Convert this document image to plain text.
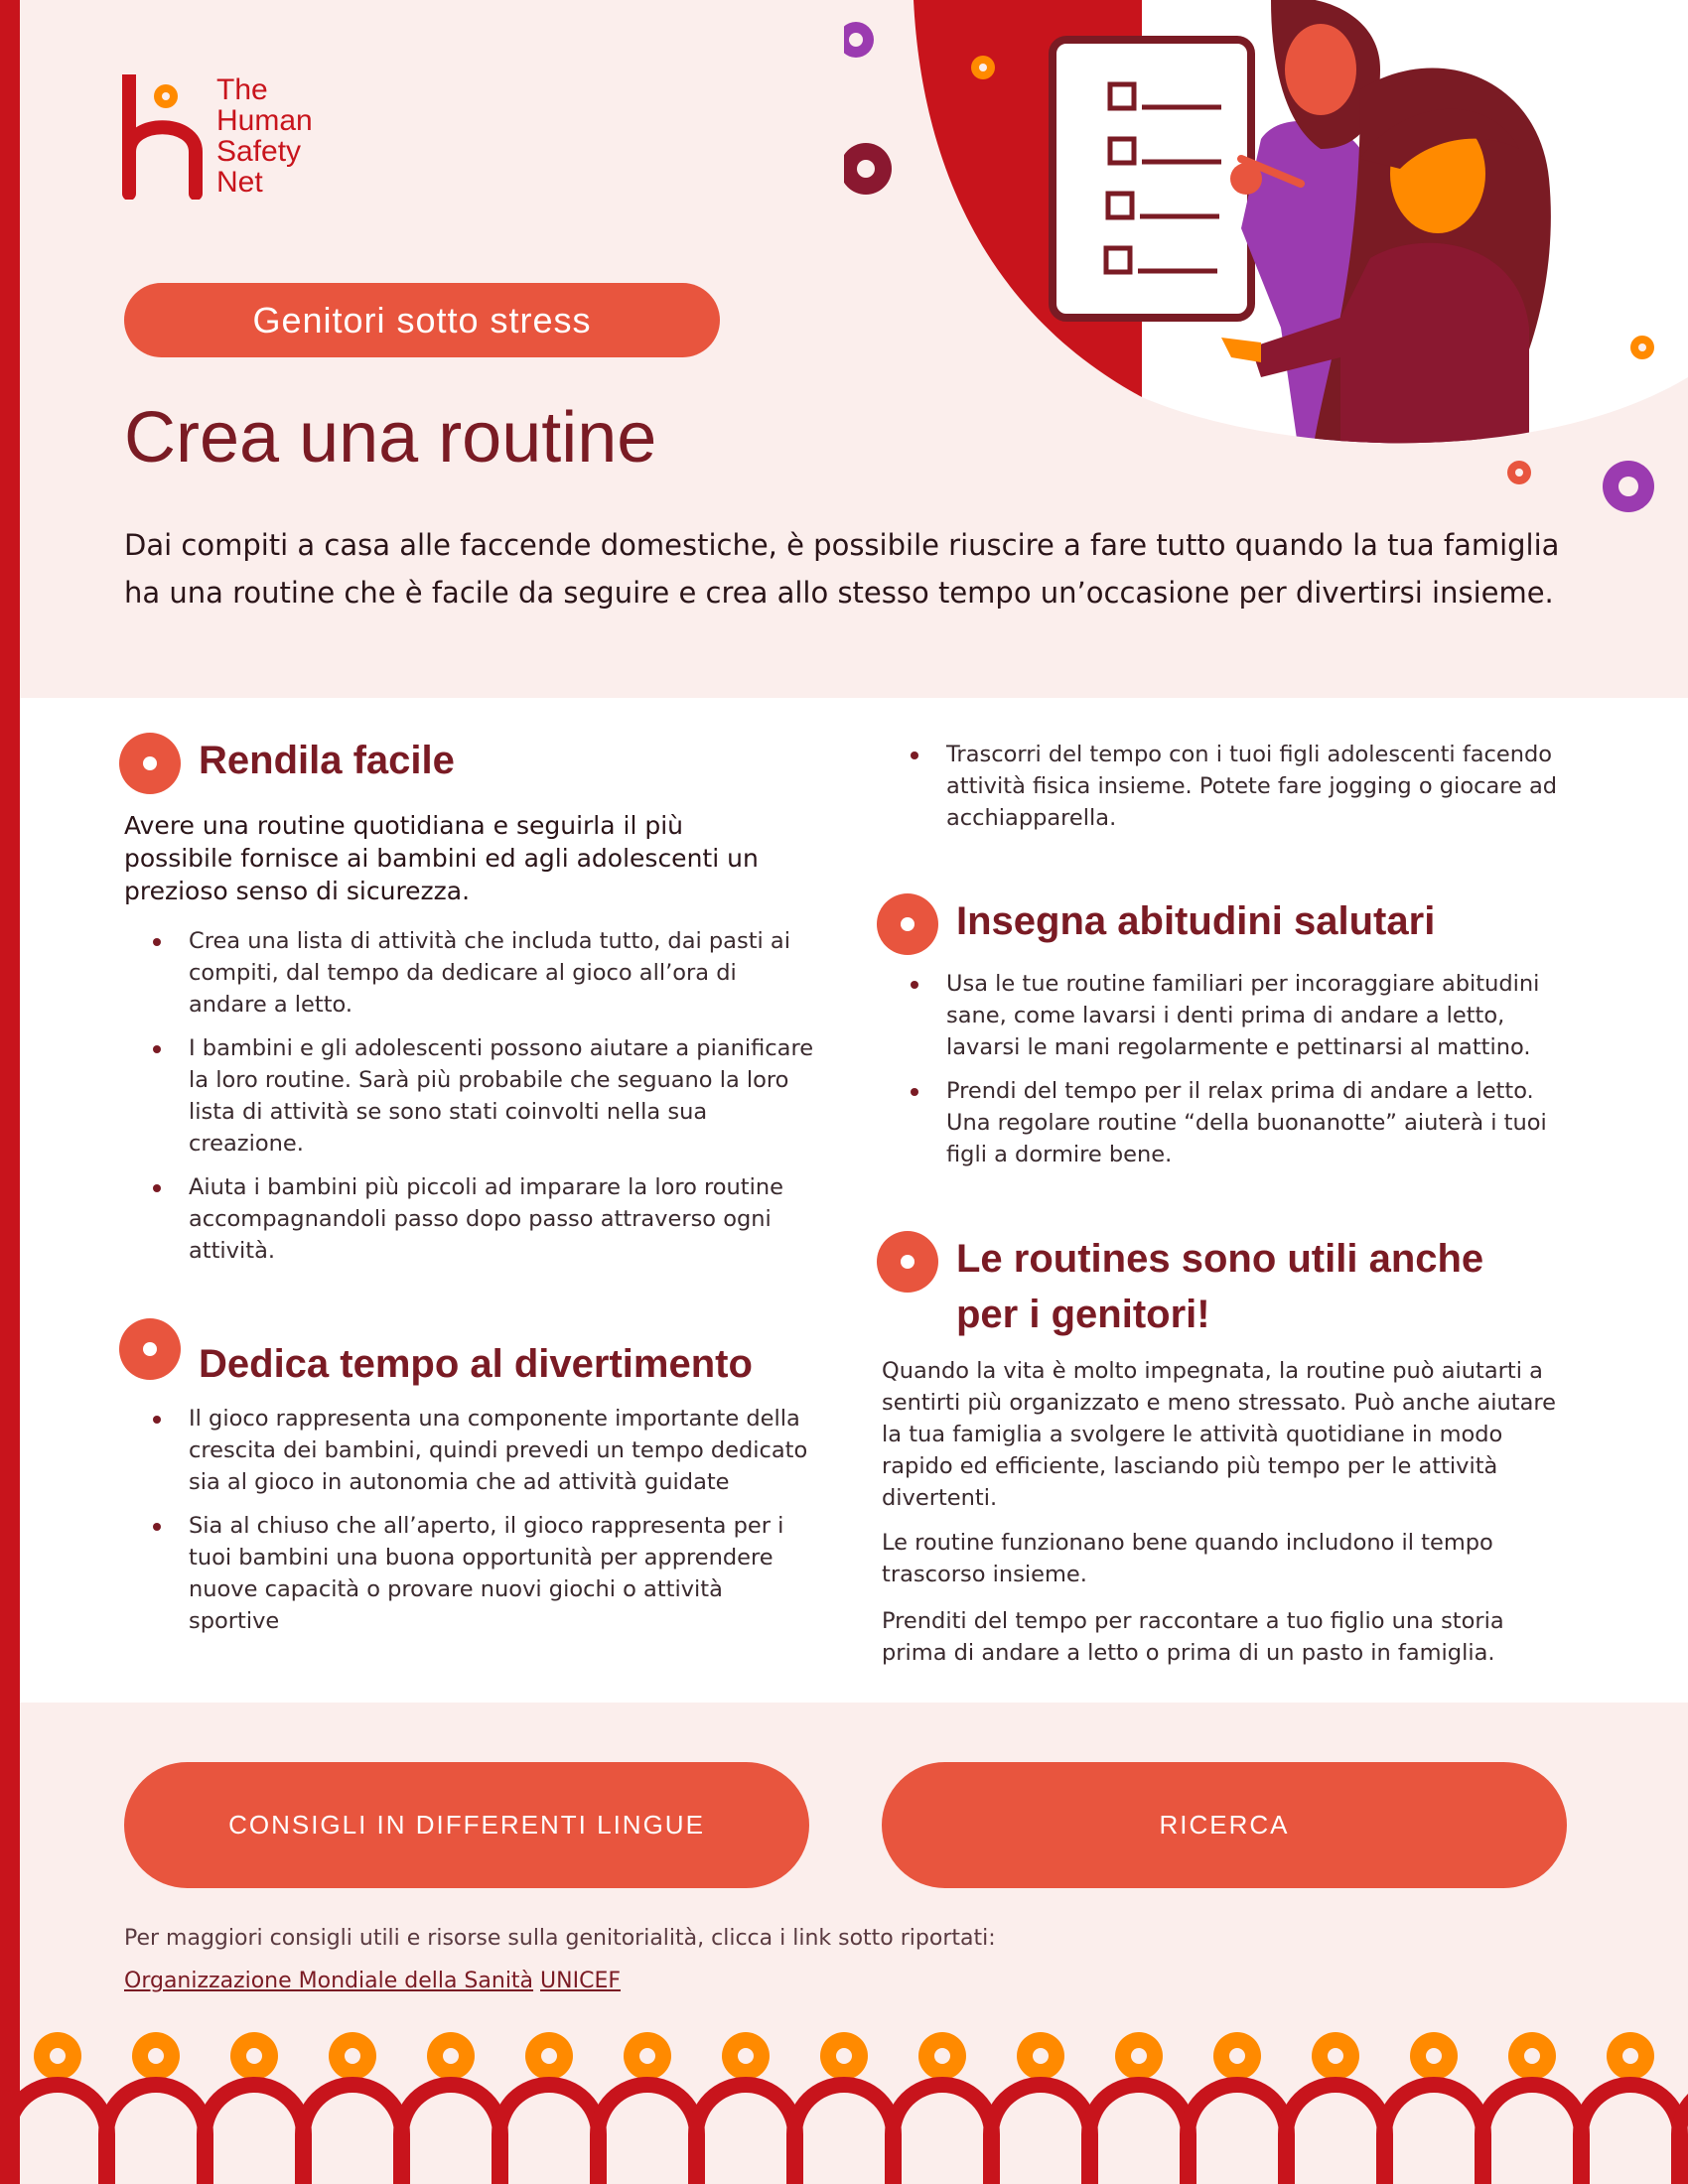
The
Human
Safety
Net
Genitori sotto stress
Crea una routine

Dai compiti a casa alle faccende domestiche, è possibile riuscire a fare tutto quando la tua famiglia ha una routine che è facile da seguire e crea allo stesso tempo un’occasione per divertirsi insieme.

Rendila facile

Avere una routine quotidiana e seguirla il più possibile fornisce ai bambini ed agli adolescenti un prezioso senso di sicurezza.

Crea una lista di attività che includa tutto, dai pasti ai compiti, dal tempo da dedicare al gioco all’ora di andare a letto.
I bambini e gli adolescenti possono aiutare a pianificare la loro routine. Sarà più probabile che seguano la loro lista di attività se sono stati coinvolti nella sua creazione.
Aiuta i bambini più piccoli ad imparare la loro routine accompagnandoli passo dopo passo attraverso ogni attività.
Dedica tempo al divertimento
Il gioco rappresenta una componente importante della crescita dei bambini, quindi prevedi un tempo dedicato sia al gioco in autonomia che ad attività guidate
Sia al chiuso che all’aperto, il gioco rappresenta per i tuoi bambini una buona opportunità per apprendere nuove capacità o provare nuovi giochi o attività sportive
Trascorri del tempo con i tuoi figli adolescenti facendo attività fisica insieme. Potete fare jogging o giocare ad acchiapparella.
Insegna abitudini salutari
Usa le tue routine familiari per incoraggiare abitudini sane, come lavarsi i denti prima di andare a letto, lavarsi le mani regolarmente e pettinarsi al mattino.
Prendi del tempo per il relax prima di andare a letto. Una regolare routine “della buonanotte” aiuterà i tuoi figli a dormire bene.
Le routines sono utili anche
per i genitori!

Quando la vita è molto impegnata, la routine può aiutarti a sentirti più organizzato e meno stressato. Può anche aiutare la tua famiglia a svolgere le attività quotidiane in modo rapido ed efficiente, lasciando più tempo per le attività divertenti.

Le routine funzionano bene quando includono il tempo trascorso insieme.

Prenditi del tempo per raccontare a tuo figlio una storia prima di andare a letto o prima di un pasto in famiglia.

CONSIGLI IN DIFFERENTI LINGUE	RICERCA

Per maggiori consigli utili e risorse sulla genitorialità, clicca i link sotto riportati:

Organizzazione Mondiale della Sanità UNICEF
